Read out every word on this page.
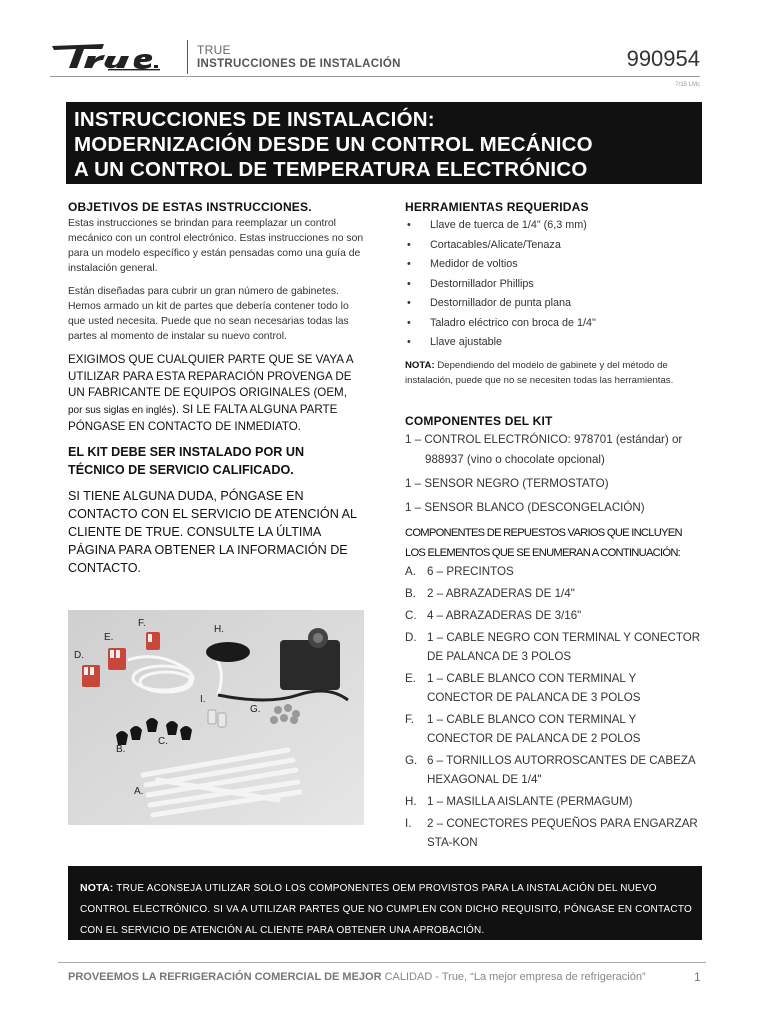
TRUE
INSTRUCCIONES DE INSTALACIÓN	990954
7/15 LMc
INSTRUCCIONES DE INSTALACIÓN:
MODERNIZACIÓN DESDE UN CONTROL MECÁNICO
A UN CONTROL DE TEMPERATURA ELECTRÓNICO
OBJETIVOS DE ESTAS INSTRUCCIONES.

Estas instrucciones se brindan para reemplazar un control mecánico con un control electrónico. Estas instrucciones no son para un modelo específico y están pensadas como una guía de instalación general.

Están diseñadas para cubrir un gran número de gabinetes. Hemos armado un kit de partes que debería contener todo lo que usted necesita. Puede que no sean necesarias todas las partes al momento de instalar su nuevo control.

EXIGIMOS QUE CUALQUIER PARTE QUE SE VAYA A UTILIZAR PARA ESTA REPARACIÓN PROVENGA DE UN FABRICANTE DE EQUIPOS ORIGINALES (OEM, por sus siglas en inglés). SI LE FALTA ALGUNA PARTE PÓNGASE EN CONTACTO DE INMEDIATO.

EL KIT DEBE SER INSTALADO POR UN TÉCNICO DE SERVICIO CALIFICADO.

SI TIENE ALGUNA DUDA, PÓNGASE EN CONTACTO CON EL SERVICIO DE ATENCIÓN AL CLIENTE DE TRUE. CONSULTE LA ÚLTIMA PÁGINA PARA OBTENER LA INFORMACIÓN DE CONTACTO.

F.
E.
H.
D.
I.
G.
C.
B.
A.
HERRAMIENTAS REQUERIDAS
• Llave de tuerca de 1/4" (6,3 mm)
• Cortacables/Alicate/Tenaza
• Medidor de voltios
• Destornillador Phillips
• Destornillador de punta plana
• Taladro eléctrico con broca de 1/4"
• Llave ajustable

NOTA: Dependiendo del modelo de gabinete y del método de instalación, puede que no se necesiten todas las herramientas.

COMPONENTES DEL KIT

1 – CONTROL ELECTRÓNICO: 978701 (estándar) or
988937 (vino o chocolate opcional)

1 – SENSOR NEGRO (TERMOSTATO)

1 – SENSOR BLANCO (DESCONGELACIÓN)

COMPONENTES DE REPUESTOS VARIOS QUE INCLUYEN

LOS ELEMENTOS QUE SE ENUMERAN A CONTINUACIÓN:

A. 6 – PRECINTOS
B. 2 – ABRAZADERAS DE 1/4"
C. 4 – ABRAZADERAS DE 3/16"
D. 1 – CABLE NEGRO CON TERMINAL Y CONECTOR DE PALANCA DE 3 POLOS
E. 1 – CABLE BLANCO CON TERMINAL Y CONECTOR DE PALANCA DE 3 POLOS
F. 1 – CABLE BLANCO CON TERMINAL Y CONECTOR DE PALANCA DE 2 POLOS
G. 6 – TORNILLOS AUTORROSCANTES DE CABEZA HEXAGONAL DE 1/4"
H. 1 – MASILLA AISLANTE (PERMAGUM)
I. 2 – CONECTORES PEQUEÑOS PARA ENGARZAR STA-KON
NOTA: TRUE ACONSEJA UTILIZAR SOLO LOS COMPONENTES OEM PROVISTOS PARA LA INSTALACIÓN DEL NUEVO CONTROL ELECTRÓNICO. SI VA A UTILIZAR PARTES QUE NO CUMPLEN CON DICHO REQUISITO, PÓNGASE EN CONTACTO CON EL SERVICIO DE ATENCIÓN AL CLIENTE PARA OBTENER UNA APROBACIÓN.
PROVEEMOS LA REFRIGERACIÓN COMERCIAL DE MEJOR CALIDAD - True, “La mejor empresa de refrigeración”	1
